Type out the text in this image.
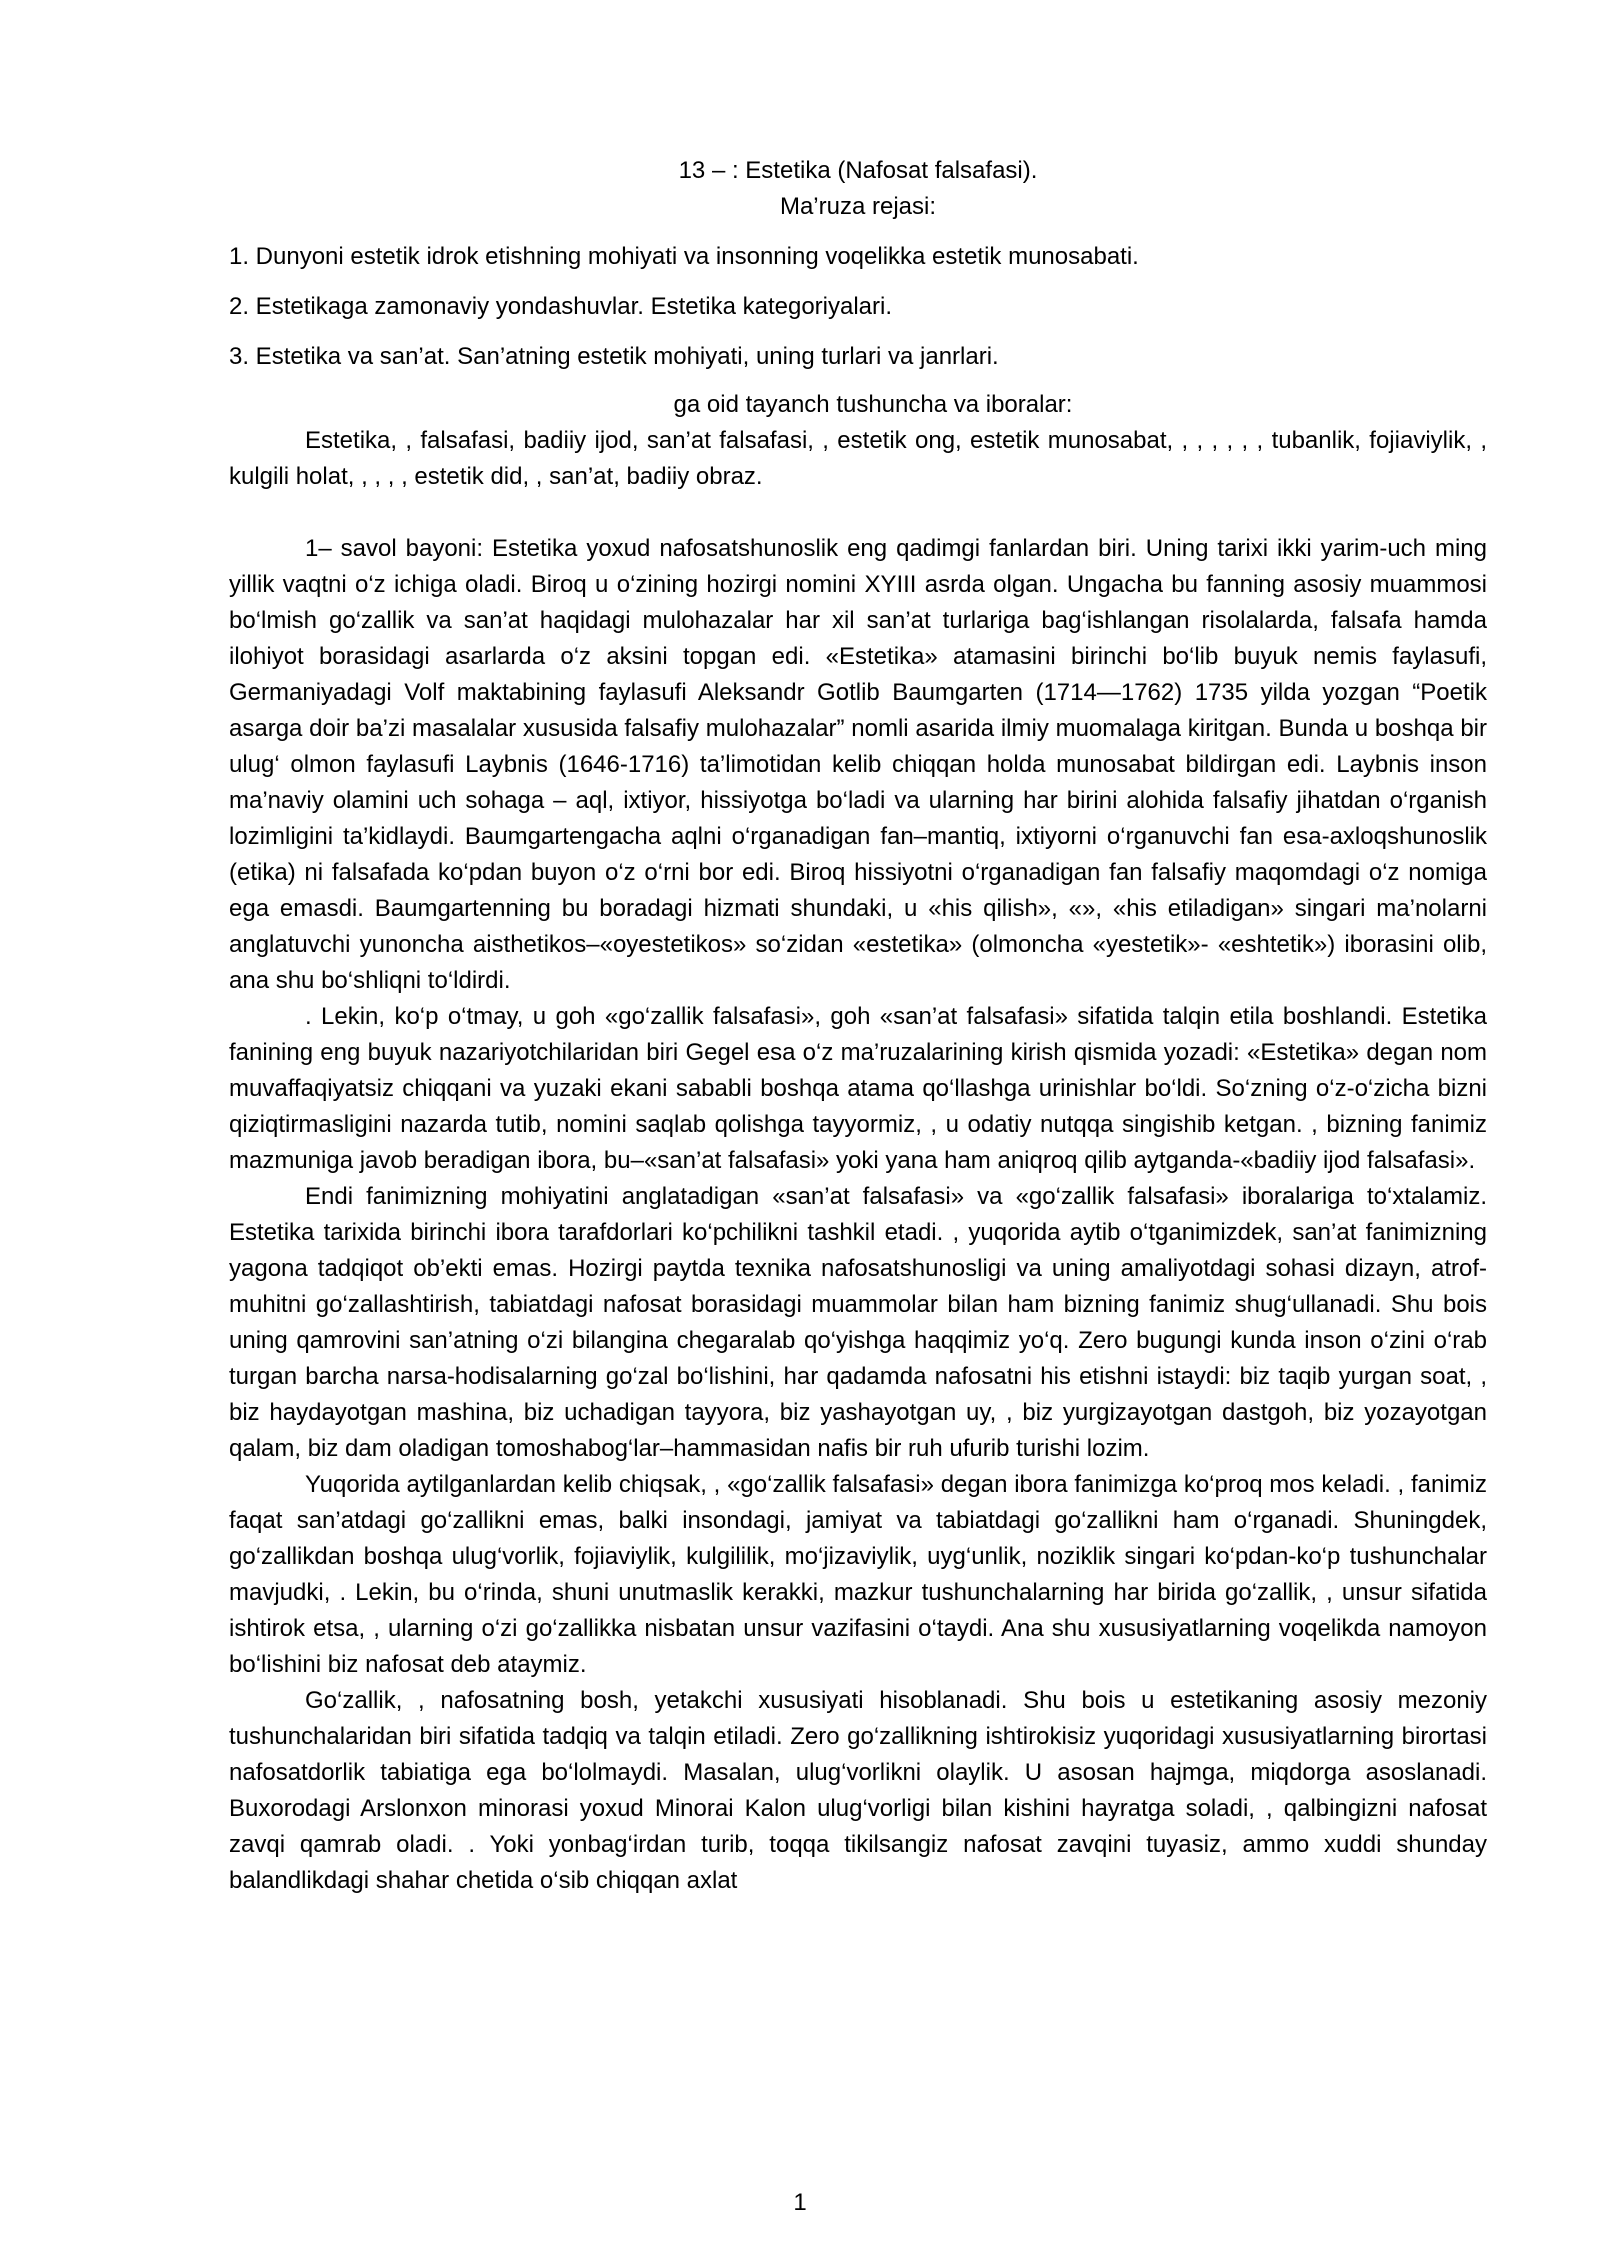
13 – : Estetika (Nafosat falsafasi).

Ma’ruza rejasi:

1. Dunyoni estetik idrok etishning mohiyati va insonning voqelikka estetik munosabati.

2. Estetikaga zamonaviy yondashuvlar. Estetika kategoriyalari.

3. Estetika va san’at. San’atning estetik mohiyati, uning turlari va janrlari.

ga oid tayanch tushuncha va iboralar:

Estetika, , falsafasi, badiiy ijod, san’at falsafasi, , estetik ong, estetik munosabat, , , , , , , tubanlik, fojiaviylik, , kulgili holat, , , , , estetik did, , san’at, badiiy obraz.

1– savol bayoni: Estetika yoxud nafosatshunoslik eng qadimgi fanlardan biri. Uning tarixi ikki yarim-uch ming yillik vaqtni o‘z ichiga oladi. Biroq u o‘zining hozirgi nomini XYIII asrda olgan. Ungacha bu fanning asosiy muammosi bo‘lmish go‘zallik va san’at haqidagi mulohazalar har xil san’at turlariga bag‘ishlangan risolalarda, falsafa hamda ilohiyot borasidagi asarlarda o‘z aksini topgan edi. «Estetika» atamasini birinchi bo‘lib buyuk nemis faylasufi, Germaniyadagi Volf maktabining faylasufi Aleksandr Gotlib Baumgarten (1714—1762) 1735 yilda yozgan “Poetik asarga doir ba’zi masalalar xususida falsafiy mulohazalar” nomli asarida ilmiy muomalaga kiritgan. Bunda u boshqa bir ulug‘ olmon faylasufi Laybnis (1646-1716) ta’limotidan kelib chiqqan holda munosabat bildirgan edi. Laybnis inson ma’naviy olamini uch sohaga – aql, ixtiyor, hissiyotga bo‘ladi va ularning har birini alohida falsafiy jihatdan o‘rganish lozimligini ta’kidlaydi. Baumgartengacha aqlni o‘rganadigan fan–mantiq, ixtiyorni o‘rganuvchi fan esa-axloqshunoslik (etika) ni falsafada ko‘pdan buyon o‘z o‘rni bor edi. Biroq hissiyotni o‘rganadigan fan falsafiy maqomdagi o‘z nomiga ega emasdi. Baumgartenning bu boradagi hizmati shundaki, u «his qilish», «», «his etiladigan» singari ma’nolarni anglatuvchi yunoncha aisthetikos–«oyestetikos» so‘zidan «estetika» (olmoncha «yestetik»- «eshtetik») iborasini olib, ana shu bo‘shliqni to‘ldirdi.

. Lekin, ko‘p o‘tmay, u goh «go‘zallik falsafasi», goh «san’at falsafasi» sifatida talqin etila boshlandi. Estetika fanining eng buyuk nazariyotchilaridan biri Gegel esa o‘z ma’ruzalarining kirish qismida yozadi: «Estetika» degan nom muvaffaqiyatsiz chiqqani va yuzaki ekani sababli boshqa atama qo‘llashga urinishlar bo‘ldi. So‘zning o‘z-o‘zicha bizni qiziqtirmasligini nazarda tutib, nomini saqlab qolishga tayyormiz, , u odatiy nutqqa singishib ketgan. , bizning fanimiz mazmuniga javob beradigan ibora, bu–«san’at falsafasi» yoki yana ham aniqroq qilib aytganda-«badiiy ijod falsafasi».

Endi fanimizning mohiyatini anglatadigan «san’at falsafasi» va «go‘zallik falsafasi» iboralariga to‘xtalamiz. Estetika tarixida birinchi ibora tarafdorlari ko‘pchilikni tashkil etadi. , yuqorida aytib o‘tganimizdek, san’at fanimizning yagona tadqiqot ob’ekti emas. Hozirgi paytda texnika nafosatshunosligi va uning amaliyotdagi sohasi dizayn, atrof-muhitni go‘zallashtirish, tabiatdagi nafosat borasidagi muammolar bilan ham bizning fanimiz shug‘ullanadi. Shu bois uning qamrovini san’atning o‘zi bilangina chegaralab qo‘yishga haqqimiz yo‘q. Zero bugungi kunda inson o‘zini o‘rab turgan barcha narsa-hodisalarning go‘zal bo‘lishini, har qadamda nafosatni his etishni istaydi: biz taqib yurgan soat, , biz haydayotgan mashina, biz uchadigan tayyora, biz yashayotgan uy, , biz yurgizayotgan dastgoh, biz yozayotgan qalam, biz dam oladigan tomoshabog‘lar–hammasidan nafis bir ruh ufurib turishi lozim.

Yuqorida aytilganlardan kelib chiqsak, , «go‘zallik falsafasi» degan ibora fanimizga ko‘proq mos keladi. , fanimiz faqat san’atdagi go‘zallikni emas, balki insondagi, jamiyat va tabiatdagi go‘zallikni ham o‘rganadi. Shuningdek, go‘zallikdan boshqa ulug‘vorlik, fojiaviylik, kulgililik, mo‘jizaviylik, uyg‘unlik, noziklik singari ko‘pdan-ko‘p tushunchalar mavjudki, . Lekin, bu o‘rinda, shuni unutmaslik kerakki, mazkur tushunchalarning har birida go‘zallik, , unsur sifatida ishtirok etsa, , ularning o‘zi go‘zallikka nisbatan unsur vazifasini o‘taydi. Ana shu xususiyatlarning voqelikda namoyon bo‘lishini biz nafosat deb ataymiz.

Go‘zallik, , nafosatning bosh, yetakchi xususiyati hisoblanadi. Shu bois u estetikaning asosiy mezoniy tushunchalaridan biri sifatida tadqiq va talqin etiladi. Zero go‘zallikning ishtirokisiz yuqoridagi xususiyatlarning birortasi nafosatdorlik tabiatiga ega bo‘lolmaydi. Masalan, ulug‘vorlikni olaylik. U asosan hajmga, miqdorga asoslanadi. Buxorodagi Arslonxon minorasi yoxud Minorai Kalon ulug‘vorligi bilan kishini hayratga soladi, , qalbingizni nafosat zavqi qamrab oladi. . Yoki yonbag‘irdan turib, toqqa tikilsangiz nafosat zavqini tuyasiz, ammo xuddi shunday balandlikdagi shahar chetida o‘sib chiqqan axlat

1
